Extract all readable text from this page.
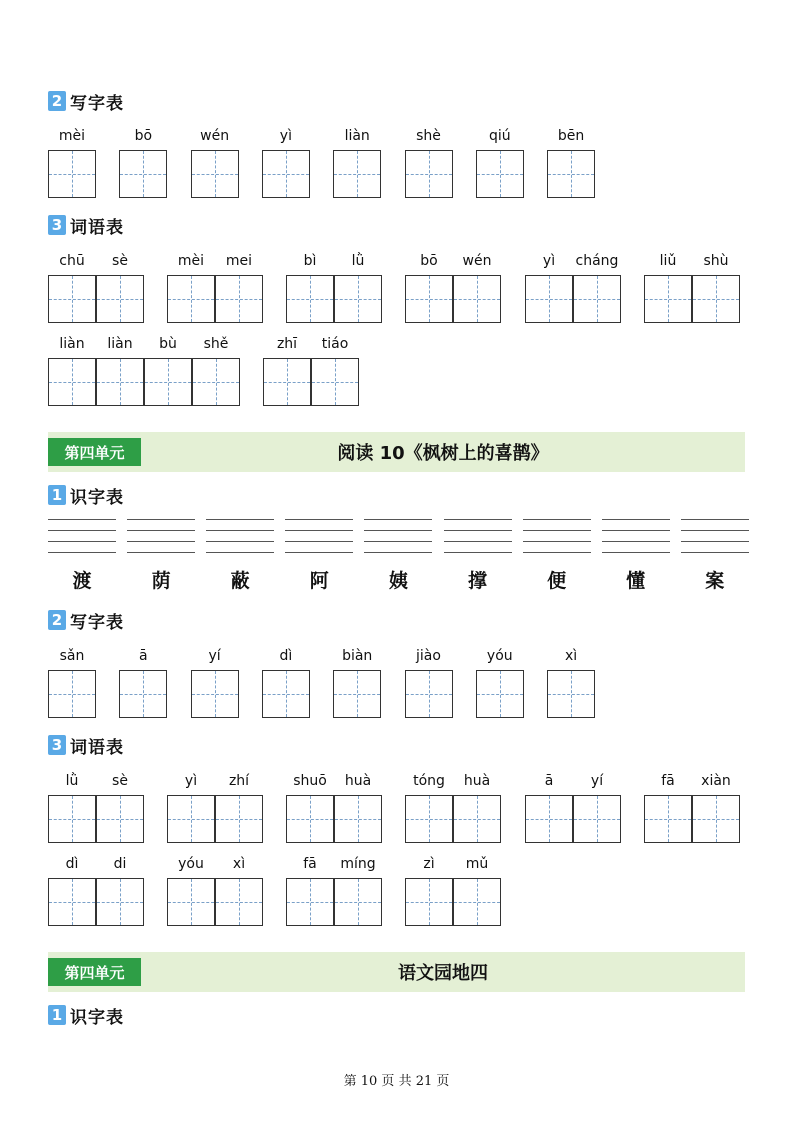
2 写字表
mèi	bō	wén	yì	liàn	shè	qiú	bēn
3 词语表
chū	sè	mèi	mei	bì	lǜ	bō	wén	yì	cháng	liǔ	shù
liàn	liàn	bù	shě	zhī	tiáo
第四单元	阅读 10《枫树上的喜鹊》
1 识字表
渡	荫	蔽	阿	姨	撑	便	懂	案
2 写字表
sǎn	ā	yí	dì	biàn	jiào	yóu	xì
3 词语表
lǜ	sè	yì	zhí	shuō	huà	tóng	huà	ā	yí	fā	xiàn
dì	di	yóu	xì	fā	míng	zì	mǔ
第四单元	语文园地四
1 识字表
第 10 页 共 21 页
